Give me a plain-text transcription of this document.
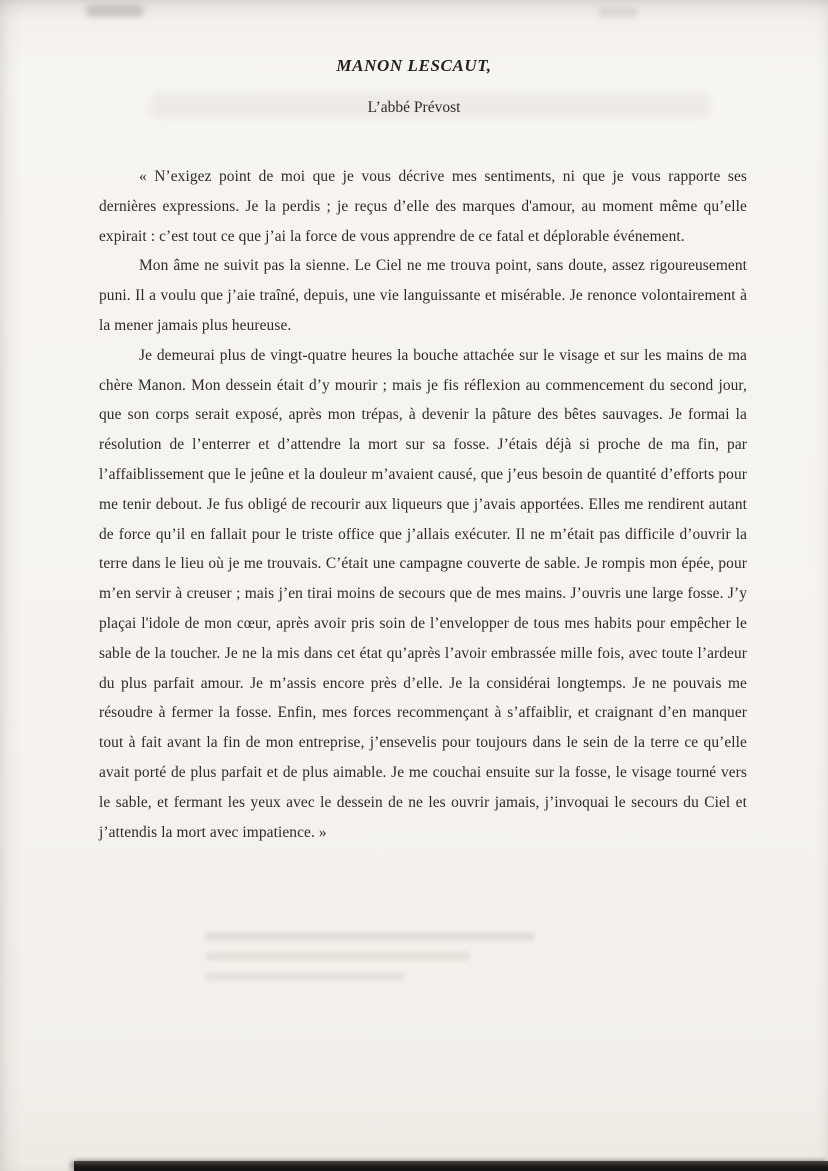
MANON LESCAUT,
L’abbé Prévost

« N’exigez point de moi que je vous décrive mes sentiments, ni que je vous rapporte ses dernières expressions. Je la perdis ; je reçus d’elle des marques d'amour, au moment même qu’elle expirait : c’est tout ce que j’ai la force de vous apprendre de ce fatal et déplorable événement.

Mon âme ne suivit pas la sienne. Le Ciel ne me trouva point, sans doute, assez rigoureusement puni. Il a voulu que j’aie traîné, depuis, une vie languissante et misérable. Je renonce volontairement à la mener jamais plus heureuse.

Je demeurai plus de vingt-quatre heures la bouche attachée sur le visage et sur les mains de ma chère Manon. Mon dessein était d’y mourir ; mais je fis réflexion au commencement du second jour, que son corps serait exposé, après mon trépas, à devenir la pâture des bêtes sauvages. Je formai la résolution de l’enterrer et d’attendre la mort sur sa fosse. J’étais déjà si proche de ma fin, par l’affaiblissement que le jeûne et la douleur m’avaient causé, que j’eus besoin de quantité d’efforts pour me tenir debout. Je fus obligé de recourir aux liqueurs que j’avais apportées. Elles me rendirent autant de force qu’il en fallait pour le triste office que j’allais exécuter. Il ne m’était pas difficile d’ouvrir la terre dans le lieu où je me trouvais. C’était une campagne couverte de sable. Je rompis mon épée, pour m’en servir à creuser ; mais j’en tirai moins de secours que de mes mains. J’ouvris une large fosse. J’y plaçai l'idole de mon cœur, après avoir pris soin de l’envelopper de tous mes habits pour empêcher le sable de la toucher. Je ne la mis dans cet état qu’après l’avoir embrassée mille fois, avec toute l’ardeur du plus parfait amour. Je m’assis encore près d’elle. Je la considérai longtemps. Je ne pouvais me résoudre à fermer la fosse. Enfin, mes forces recommençant à s’affaiblir, et craignant d’en manquer tout à fait avant la fin de mon entreprise, j’ensevelis pour toujours dans le sein de la terre ce qu’elle avait porté de plus parfait et de plus aimable. Je me couchai ensuite sur la fosse, le visage tourné vers le sable, et fermant les yeux avec le dessein de ne les ouvrir jamais, j’invoquai le secours du Ciel et j’attendis la mort avec impatience. »
